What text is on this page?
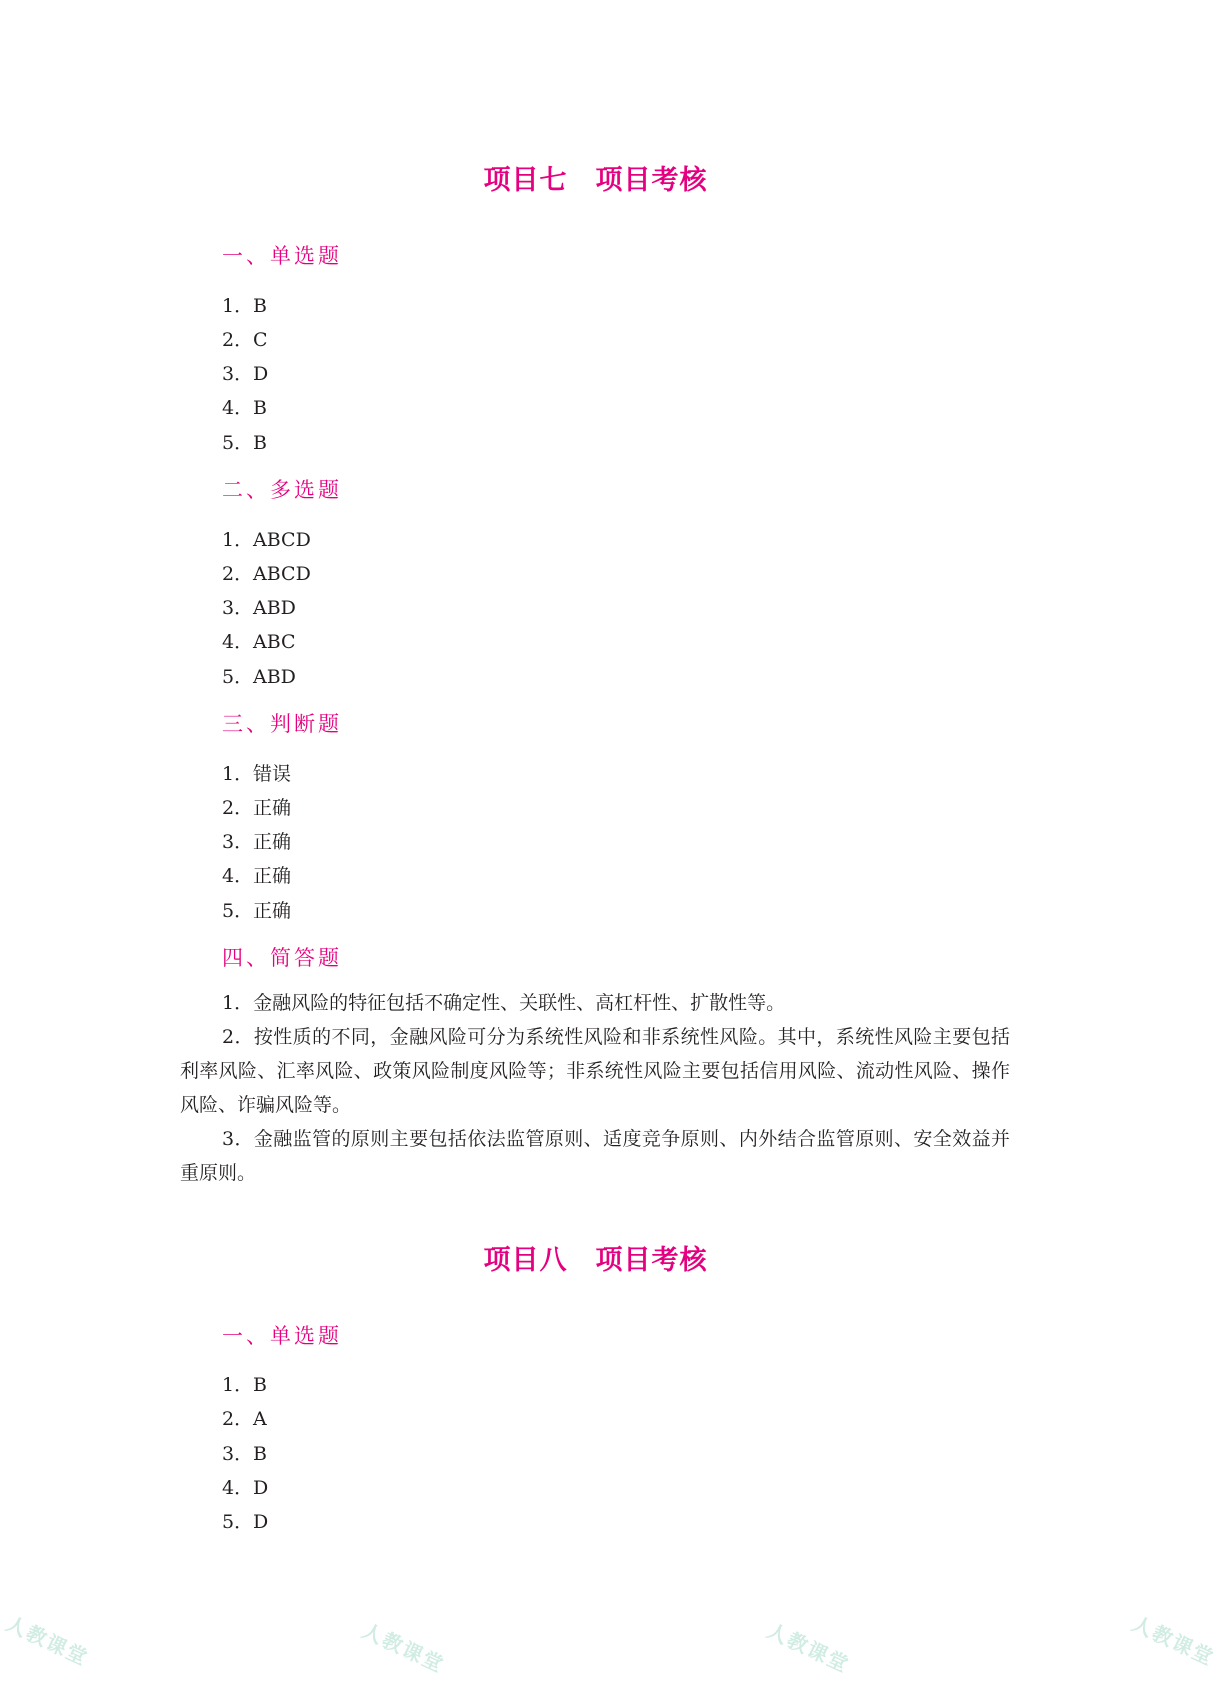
项目七　项目考核
一、单选题
1．B
2．C
3．D
4．B
5．B
二、多选题
1．ABCD
2．ABCD
3．ABD
4．ABC
5．ABD
三、判断题
1．错误
2．正确
3．正确
4．正确
5．正确
四、简答题
1．金融风险的特征包括不确定性、关联性、高杠杆性、扩散性等。
2．按性质的不同，金融风险可分为系统性风险和非系统性风险。其中，系统性风险主要包括利率风险、汇率风险、政策风险制度风险等；非系统性风险主要包括信用风险、流动性风险、操作风险、诈骗风险等。
3．金融监管的原则主要包括依法监管原则、适度竞争原则、内外结合监管原则、安全效益并重原则。
项目八　项目考核
一、单选题
1．B
2．A
3．B
4．D
5．D
人教课堂	人教课堂	人教课堂	人教课堂
